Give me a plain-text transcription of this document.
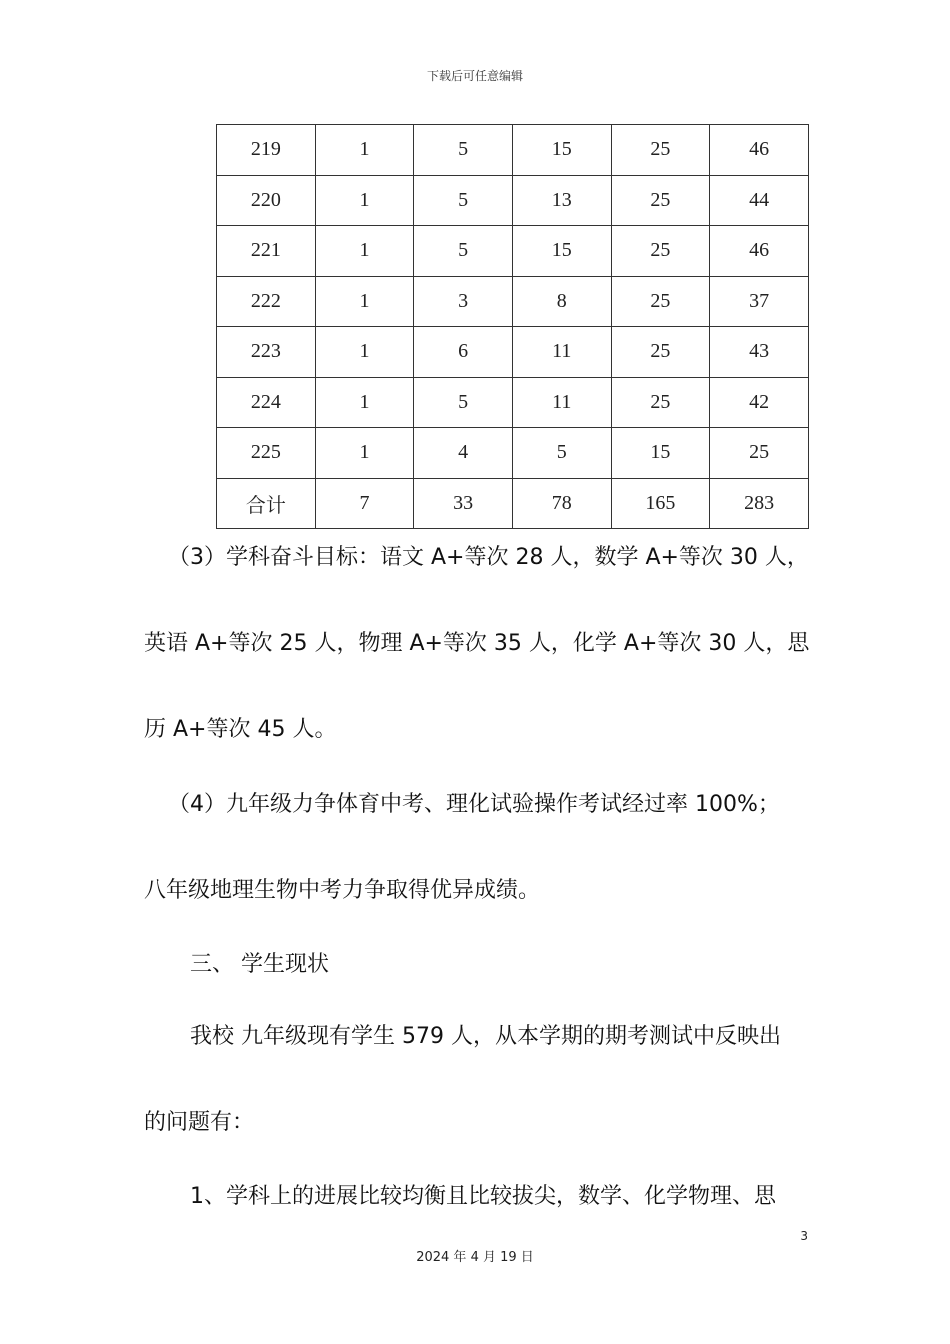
下载后可任意编辑
219	1	5	15	25	46
220	1	5	13	25	44
221	1	5	15	25	46
222	1	3	8	25	37
223	1	6	11	25	43
224	1	5	11	25	42
225	1	4	5	15	25
合计	7	33	78	165	283
（3）学科奋斗目标：语文 A+等次 28 人，数学 A+等次 30 人，
英语 A+等次 25 人，物理 A+等次 35 人，化学 A+等次 30 人，思
历 A+等次 45 人。
（4）九年级力争体育中考、理化试验操作考试经过率 100%；
八年级地理生物中考力争取得优异成绩。
三、 学生现状
我校 九年级现有学生 579 人，从本学期的期考测试中反映出
的问题有：
1、学科上的进展比较均衡且比较拔尖，数学、化学物理、思
3
2024 年 4 月 19 日
